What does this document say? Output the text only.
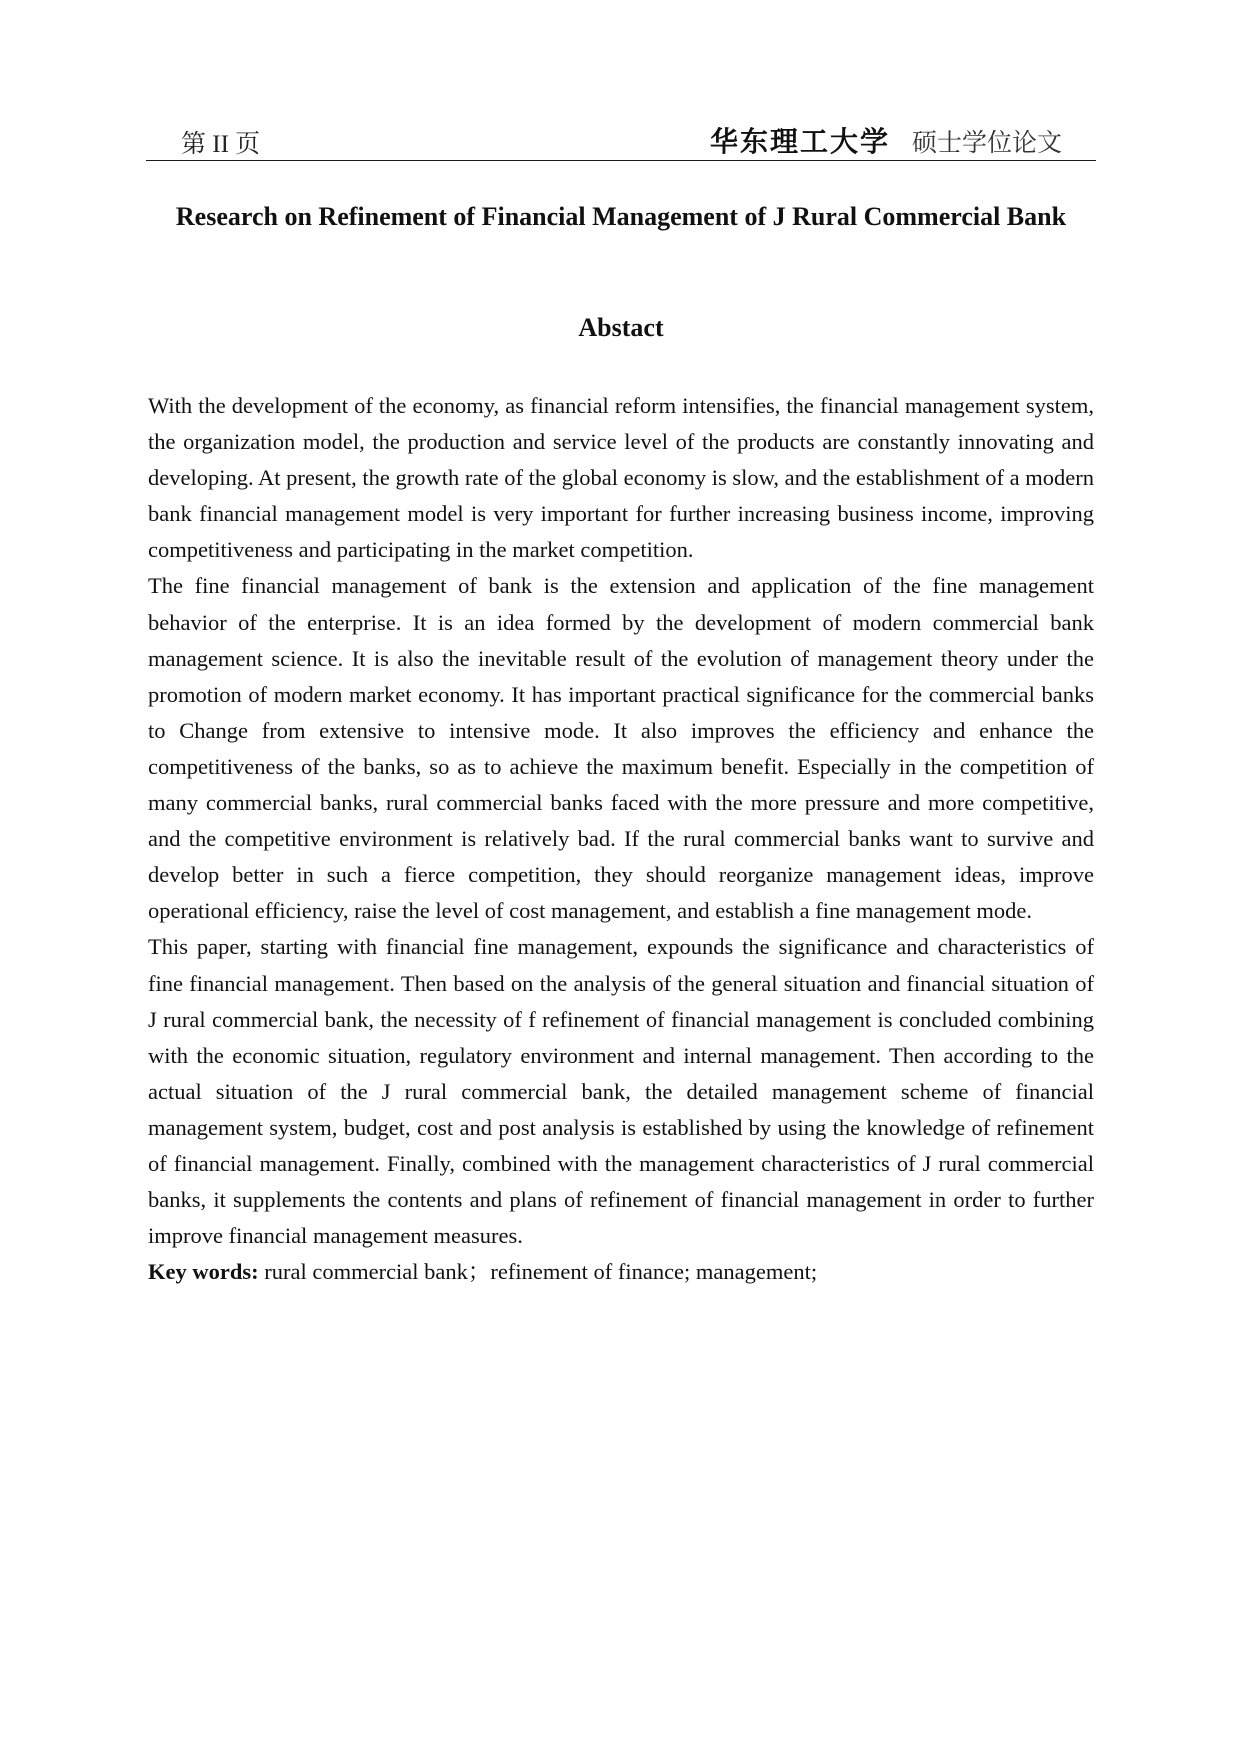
第 II 页	华东理工大学 硕士学位论文
Research on Refinement of Financial Management of J Rural Commercial Bank
Abstact

With the development of the economy, as financial reform intensifies, the financial management system, the organization model, the production and service level of the products are constantly innovating and developing. At present, the growth rate of the global economy is slow, and the establishment of a modern bank financial management model is very important for further increasing business income, improving competitiveness and participating in the market competition.

The fine financial management of bank is the extension and application of the fine management behavior of the enterprise. It is an idea formed by the development of modern commercial bank management science. It is also the inevitable result of the evolution of management theory under the promotion of modern market economy. It has important practical significance for the commercial banks to Change from extensive to intensive mode. It also improves the efficiency and enhance the competitiveness of the banks, so as to achieve the maximum benefit. Especially in the competition of many commercial banks, rural commercial banks faced with the more pressure and more competitive, and the competitive environment is relatively bad. If the rural commercial banks want to survive and develop better in such a fierce competition, they should reorganize management ideas, improve operational efficiency, raise the level of cost management, and establish a fine management mode.

This paper, starting with financial fine management, expounds the significance and characteristics of fine financial management. Then based on the analysis of the general situation and financial situation of J rural commercial bank, the necessity of f refinement of financial management is concluded combining with the economic situation, regulatory environment and internal management. Then according to the actual situation of the J rural commercial bank, the detailed management scheme of financial management system, budget, cost and post analysis is established by using the knowledge of refinement of financial management. Finally, combined with the management characteristics of J rural commercial banks, it supplements the contents and plans of refinement of financial management in order to further improve financial management measures.

Key words: rural commercial bank；refinement of finance; management;
